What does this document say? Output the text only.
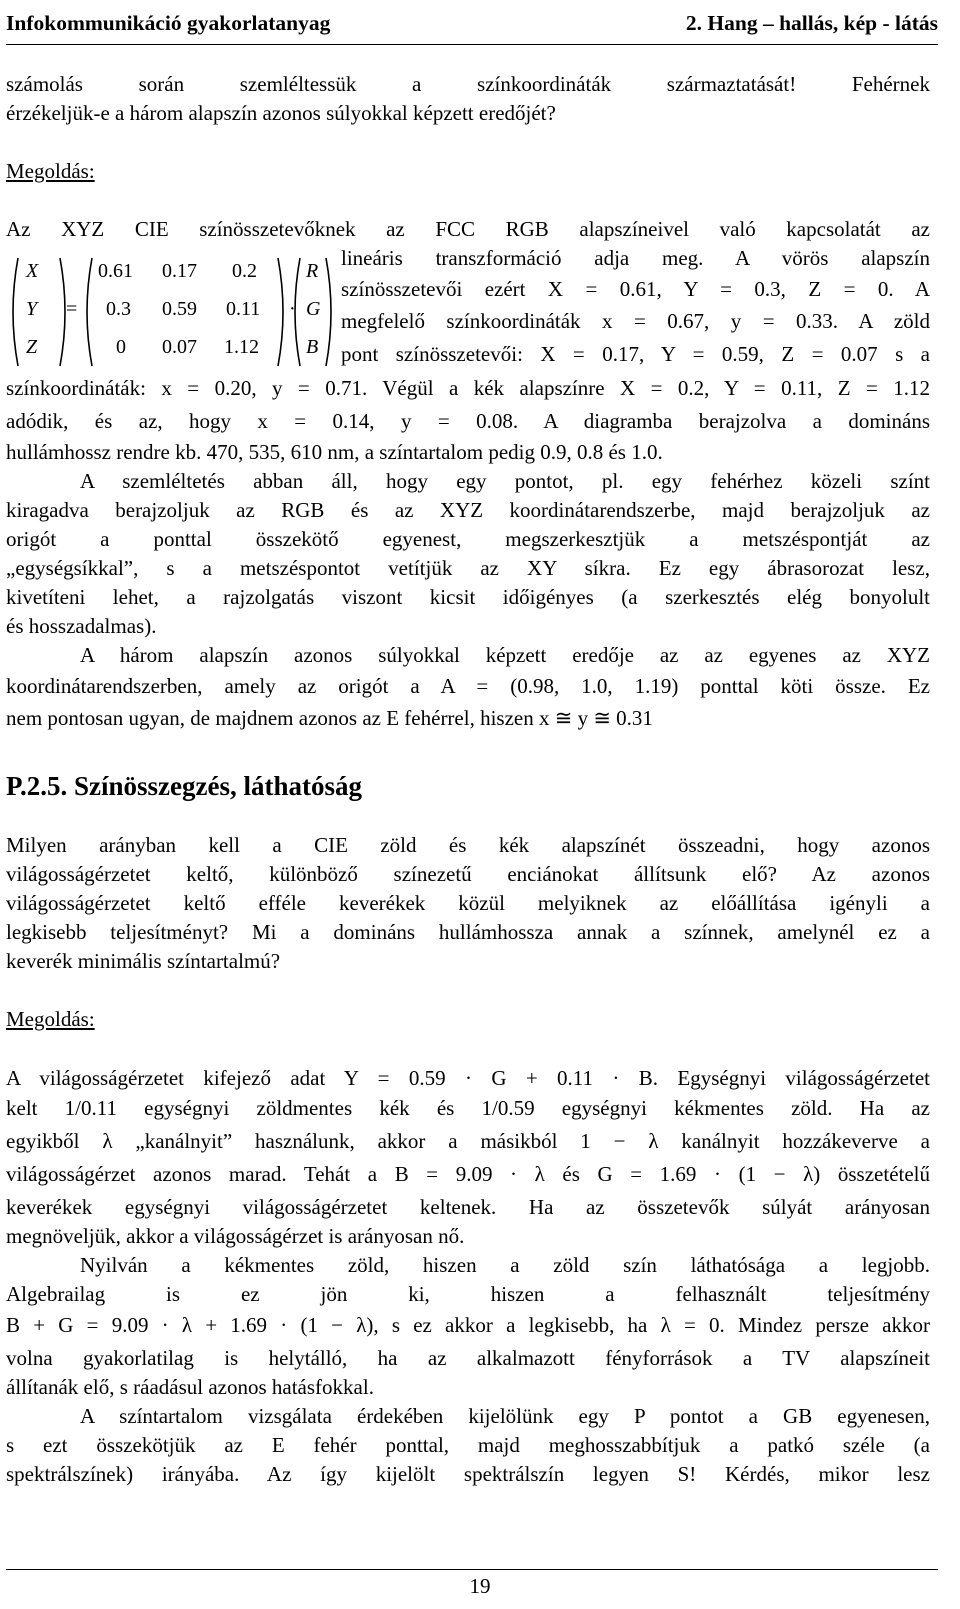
Infokommunikáció gyakorlatanyag	2. Hang – hallás, kép - látás
számolás során szemléltessük a színkoordináták származtatását! Fehérnek
érzékeljük-e a három alapszín azonos súlyokkal képzett eredőjét?
Megoldás:
Az XYZ CIE színösszetevőknek az FCC RGB alapszíneivel való kapcsolatát az
X
Y
Z
=
0.61 0.17 0.2
0.3 0.59 0.11
0 0.07 1.12
·
R
G
B
lineáris transzformáció adja meg. A vörös alapszín
színösszetevői ezért X = 0.61, Y = 0.3, Z = 0. A
megfelelő színkoordináták x = 0.67, y = 0.33. A zöld
pont színösszetevői: X = 0.17, Y = 0.59, Z = 0.07 s a
színkoordináták: x = 0.20, y = 0.71. Végül a kék alapszínre X = 0.2, Y = 0.11, Z = 1.12
adódik, és az, hogy x = 0.14, y = 0.08. A diagramba berajzolva a domináns
hullámhossz rendre kb. 470, 535, 610 nm, a színtartalom pedig 0.9, 0.8 és 1.0.
A szemléltetés abban áll, hogy egy pontot, pl. egy fehérhez közeli színt
kiragadva berajzoljuk az RGB és az XYZ koordinátarendszerbe, majd berajzoljuk az
origót a ponttal összekötő egyenest, megszerkesztjük a metszéspontját az
„egységsíkkal”, s a metszéspontot vetítjük az XY síkra. Ez egy ábrasorozat lesz,
kivetíteni lehet, a rajzolgatás viszont kicsit időigényes (a szerkesztés elég bonyolult
és hosszadalmas).
A három alapszín azonos súlyokkal képzett eredője az az egyenes az XYZ
koordinátarendszerben, amely az origót a A = (0.98, 1.0, 1.19) ponttal köti össze. Ez
nem pontosan ugyan, de majdnem azonos az E fehérrel, hiszen x ≅ y ≅ 0.31
P.2.5. Színösszegzés, láthatóság
Milyen arányban kell a CIE zöld és kék alapszínét összeadni, hogy azonos
világosságérzetet keltő, különböző színezetű enciánokat állítsunk elő? Az azonos
világosságérzetet keltő efféle keverékek közül melyiknek az előállítása igényli a
legkisebb teljesítményt? Mi a domináns hullámhossza annak a színnek, amelynél ez a
keverék minimális színtartalmú?
Megoldás:
A világosságérzetet kifejező adat Y = 0.59 · G + 0.11 · B. Egységnyi világosságérzetet
kelt 1/0.11 egységnyi zöldmentes kék és 1/0.59 egységnyi kékmentes zöld. Ha az
egyikből λ „kanálnyit” használunk, akkor a másikból 1 − λ kanálnyit hozzákeverve a
világosságérzet azonos marad. Tehát a B = 9.09 · λ és G = 1.69 · (1 − λ) összetételű
keverékek egységnyi világosságérzetet keltenek. Ha az összetevők súlyát arányosan
megnöveljük, akkor a világosságérzet is arányosan nő.
Nyilván a kékmentes zöld, hiszen a zöld szín láthatósága a legjobb.
Algebrailag is ez jön ki, hiszen a felhasznált teljesítmény
B + G = 9.09 · λ + 1.69 · (1 − λ), s ez akkor a legkisebb, ha λ = 0. Mindez persze akkor
volna gyakorlatilag is helytálló, ha az alkalmazott fényforrások a TV alapszíneit
állítanák elő, s ráadásul azonos hatásfokkal.
A színtartalom vizsgálata érdekében kijelölünk egy P pontot a GB egyenesen,
s ezt összekötjük az E fehér ponttal, majd meghosszabbítjuk a patkó széle (a
spektrálszínek) irányába. Az így kijelölt spektrálszín legyen S! Kérdés, mikor lesz
19
